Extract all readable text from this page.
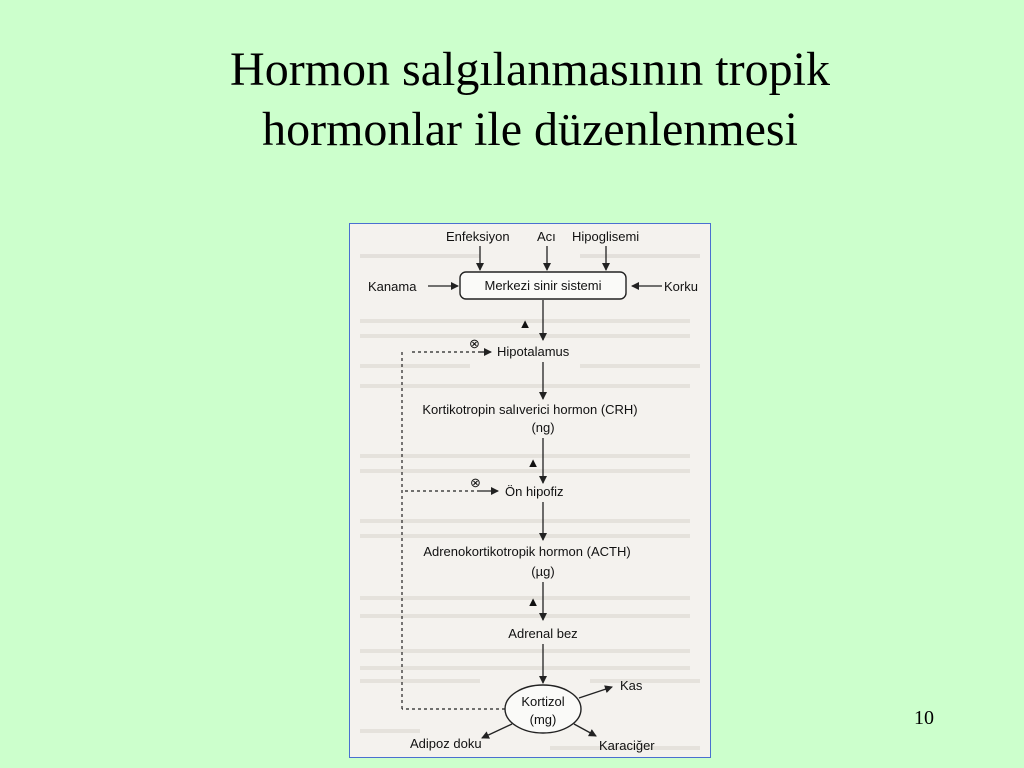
Hormon salgılanmasının tropik
hormonlar ile düzenlenmesi
Enfeksiyon Acı Hipoglisemi
Kanama	Korku
Merkezi sinir sistemi
▲
Hipotalamus
⊗
Kortikotropin salıverici hormon (CRH)
(ng)
▲
Ön hipofiz
⊗
Adrenokortikotropik hormon (ACTH)
(µg)
▲
Adrenal bez
Kortizol
(mg)
Kas
Adipoz doku	Karaciğer
10
